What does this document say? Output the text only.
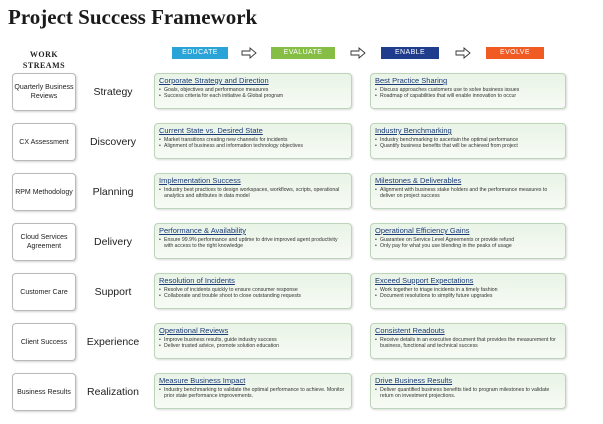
Project Success Framework
WORK STREAMS
EDUCATE	EVALUATE	ENABLE	EVOLVE
Quarterly Business Reviews	Strategy
Corporate Strategy and Direction
• Goals, objectives and performance measures
• Success criteria for each initiative & Global program
Best Practice Sharing
• Discuss approaches customers use to solve business issues
• Roadmap of capabilities that will enable innovation to occur
CX Assessment	Discovery
Current State vs. Desired State
• Market transitions creating new channels for incidents
• Alignment of business and information technology objectives
Industry Benchmarking
• Industry benchmarking to ascertain the optimal performance
• Quantify business benefits that will be achieved from project
RPM Methodology	Planning
Implementation Success
• Industry best practices to design workspaces, workflows, scripts, operational analytics and attributes in data model
Milestones & Deliverables
• Alignment with business stake holders and the performance measures to deliver on project success
Cloud Services Agreement	Delivery
Performance & Availability
• Ensure 99.9% performance and uptime to drive improved agent productivity with access to the right knowledge
Operational Efficiency Gains
• Guarantee on Service Level Agreements or provide refund
• Only pay for what you use blending in the peaks of usage
Customer Care	Support
Resolution of Incidents
• Resolve of incidents quickly to ensure consumer response
• Collaborate and trouble shoot to close outstanding requests
Exceed Support Expectations
• Work together to triage incidents in a timely fashion
• Document resolutions to simplify future upgrades
Client Success	Experience
Operational Reviews
• Improve business results, guide industry success
• Deliver trusted advice, promote solution education
Consistent Readouts
• Receive details in an executive document that provides the measurement for business, functional and technical success
Business Results	Realization
Measure Business Impact
• Industry benchmarking to validate the optimal performance to achieve. Monitor prior state performance improvements.
Drive Business Results
• Deliver quantified business benefits tied to program milestones to validate return on investment projections.
